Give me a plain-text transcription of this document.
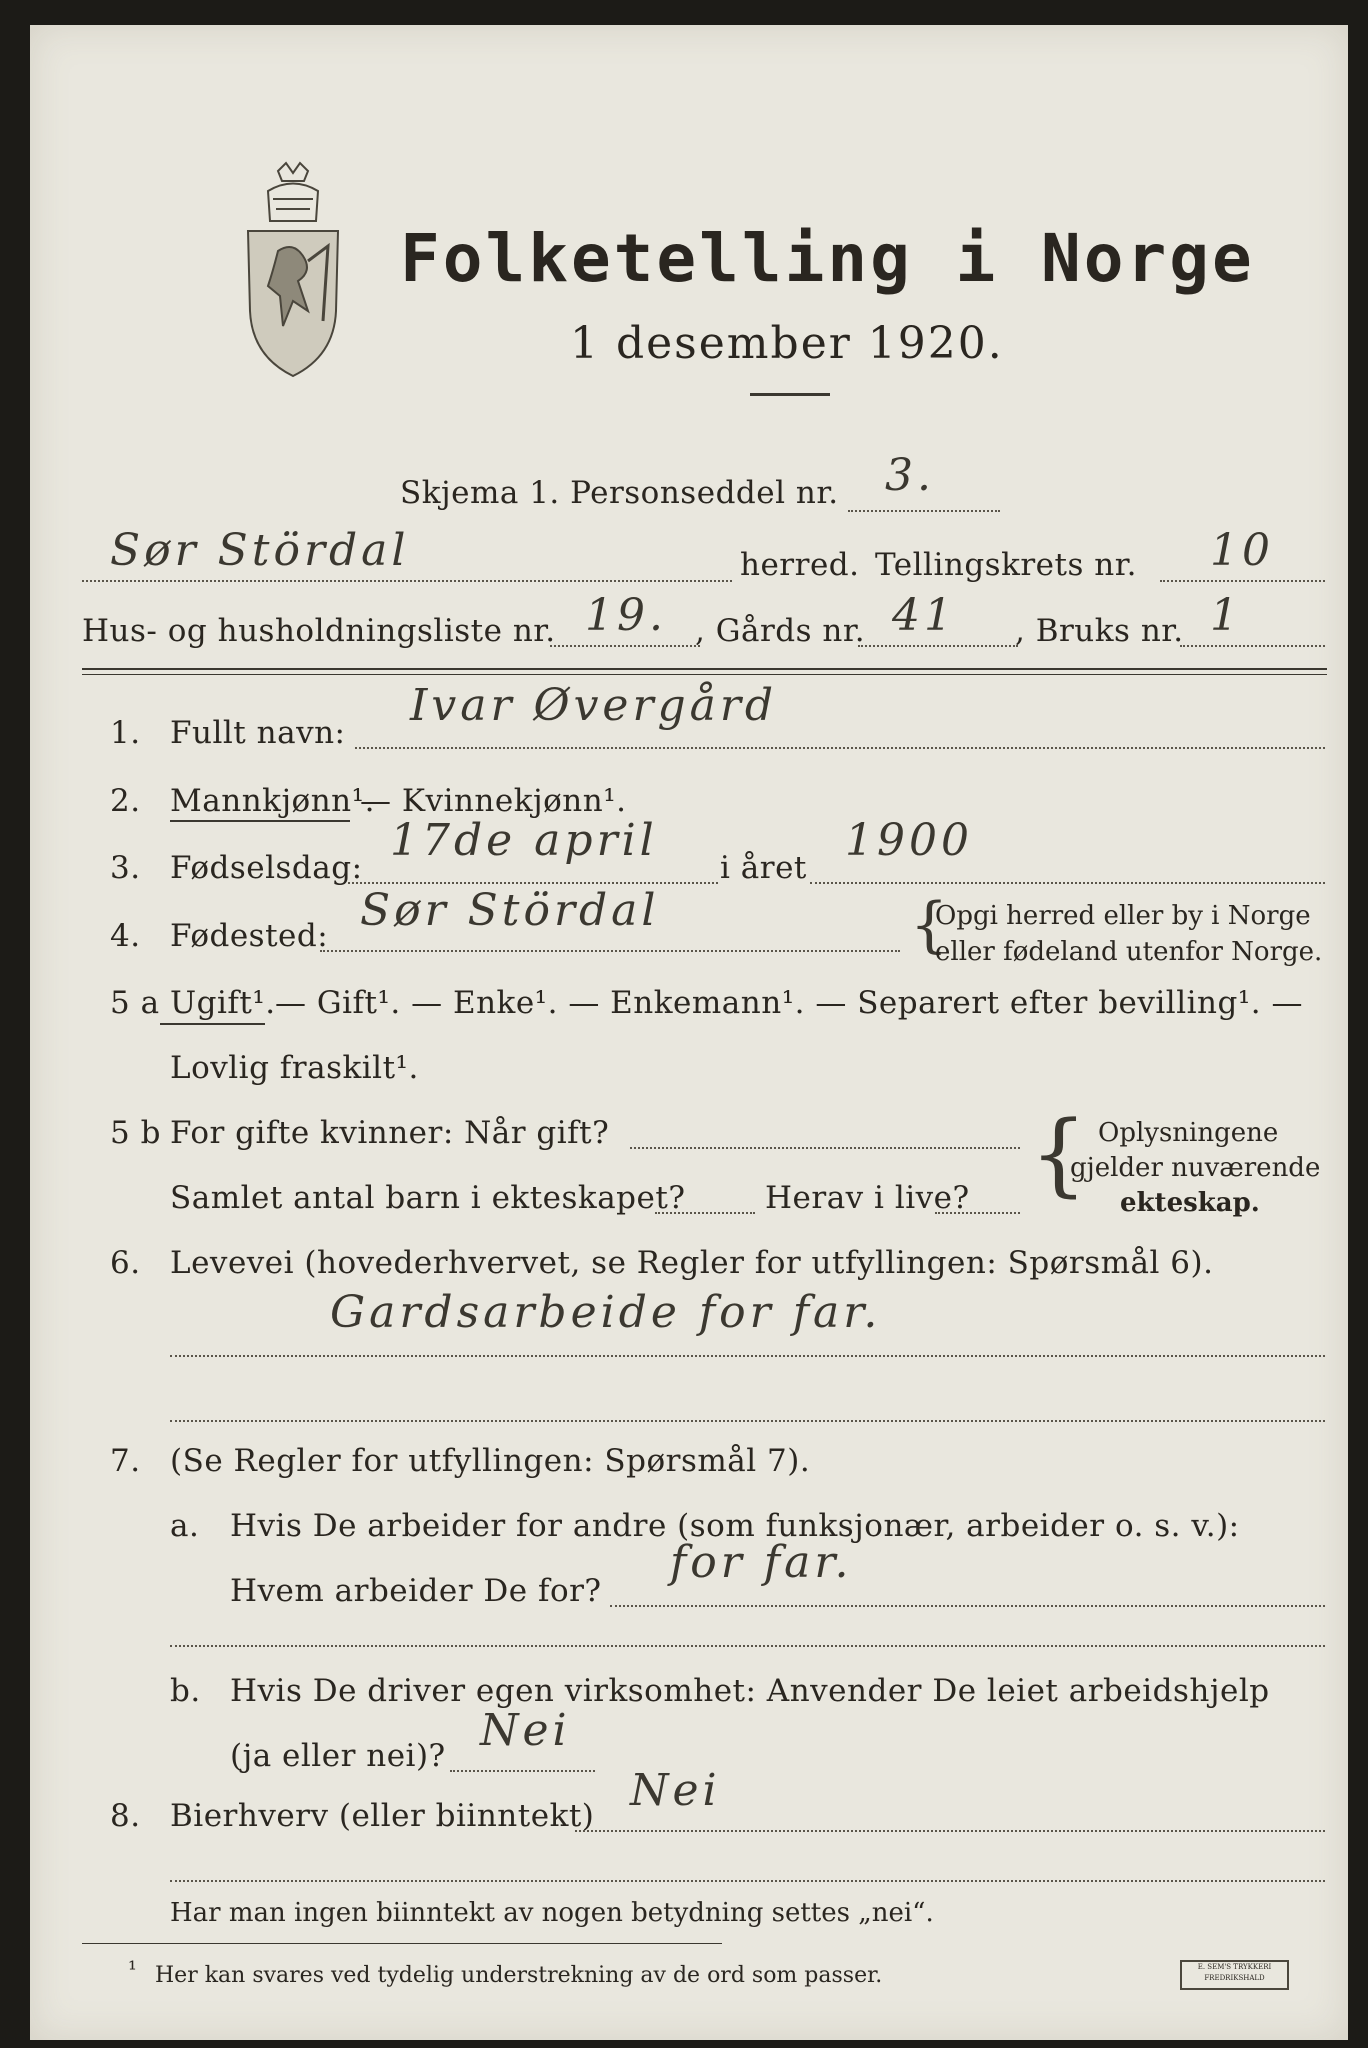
Folketelling i Norge
1 desember 1920.
Skjema 1. Personseddel nr. 3.
Sør Stördal	herred. Tellingskrets nr. 10
Hus- og husholdningsliste nr. 19. , Gårds nr. 41 , Bruks nr. 1
1. Fullt navn:
Ivar Øvergård
2. Mannkjønn¹.
— Kvinnekjønn¹.
3. Fødselsdag:
17de april
i året
1900
4. Fødested: Sør Stördal	{
Opgi herred eller by i Norge
eller fødeland utenfor Norge.
5 a Ugift¹. — Gift¹. — Enke¹. — Enkemann¹. — Separert efter bevilling¹. —
Lovlig fraskilt¹.
5 b For gifte kvinner: Når gift?
Samlet antal barn i ekteskapet?	Herav i live? { Oplysningene
gjelder nuværende
ekteskap.
6. Levevei (hovederhvervet, se Regler for utfyllingen: Spørsmål 6).
Gardsarbeide for far.
7. (Se Regler for utfyllingen: Spørsmål 7).
a. Hvis De arbeider for andre (som funksjonær, arbeider o. s. v.):
Hvem arbeider De for?
for far.
b. Hvis De driver egen virksomhet: Anvender De leiet arbeidshjelp
(ja eller nei)? Nei
8. Bierhverv (eller biinntekt) Nei
Har man ingen biinntekt av nogen betydning settes „nei“.
¹ Her kan svares ved tydelig understrekning av de ord som passer.	E. SEM'S TRYKKERI
FREDRIKSHALD
